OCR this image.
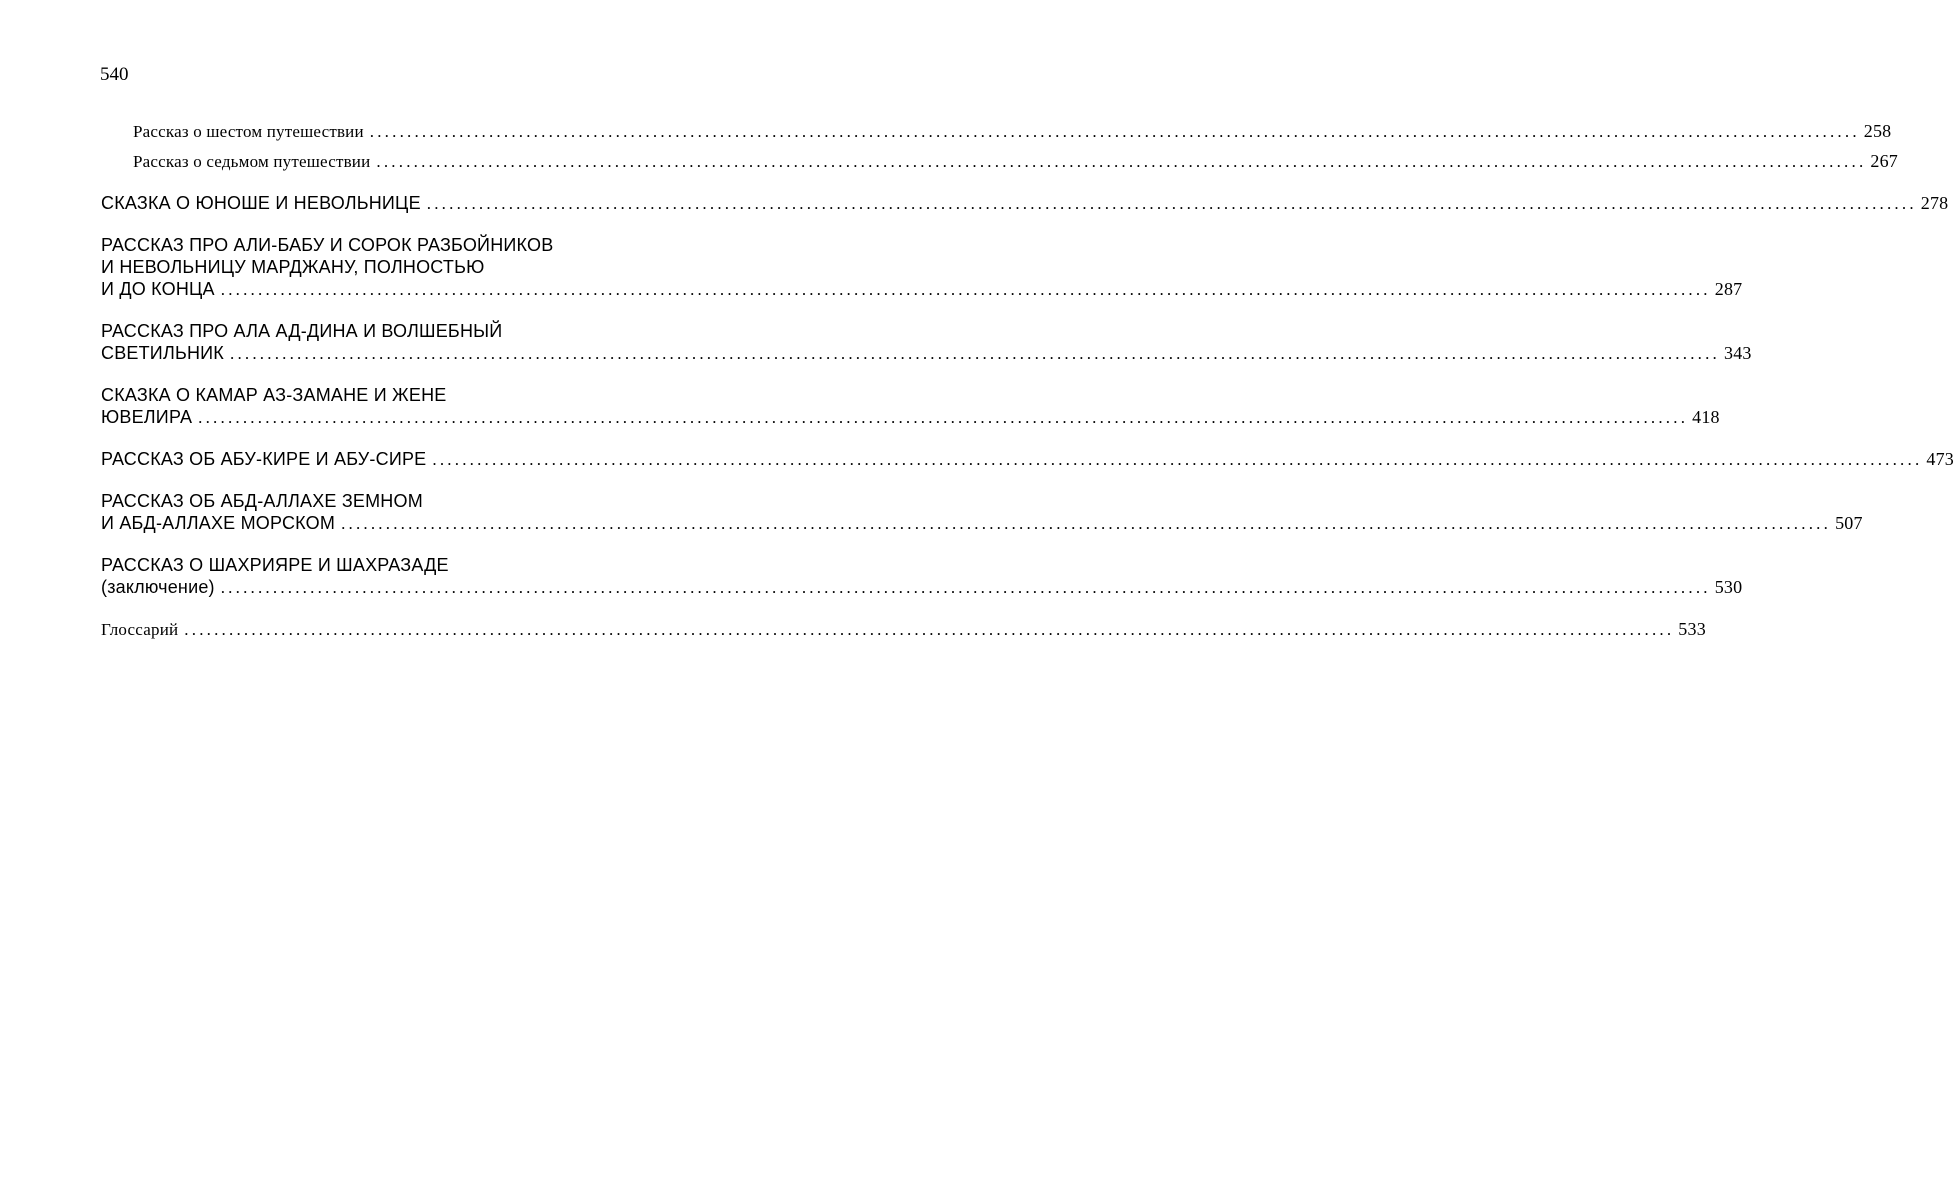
540
Рассказ о шестом путешествии ........................................................................................................................................................................................................ 258
Рассказ о седьмом путешествии ........................................................................................................................................................................................................ 267
СКАЗКА О ЮНОШЕ И НЕВОЛЬНИЦЕ ........................................................................................................................................................................................................ 278
РАССКАЗ ПРО АЛИ-БАБУ И СОРОК РАЗБОЙНИКОВ
И НЕВОЛЬНИЦУ МАРДЖАНУ, ПОЛНОСТЬЮ
И ДО КОНЦА ........................................................................................................................................................................................................ 287
РАССКАЗ ПРО АЛА АД-ДИНА И ВОЛШЕБНЫЙ
СВЕТИЛЬНИК ........................................................................................................................................................................................................ 343
СКАЗКА О КАМАР АЗ-ЗАМАНЕ И ЖЕНЕ
ЮВЕЛИРА ........................................................................................................................................................................................................ 418
РАССКАЗ ОБ АБУ-КИРЕ И АБУ-СИРЕ ........................................................................................................................................................................................................ 473
РАССКАЗ ОБ АБД-АЛЛАХЕ ЗЕМНОМ
И АБД-АЛЛАХЕ МОРСКОМ ........................................................................................................................................................................................................ 507
РАССКАЗ О ШАХРИЯРЕ И ШАХРАЗАДЕ
(заключение) ........................................................................................................................................................................................................ 530
Глоссарий ........................................................................................................................................................................................................ 533
